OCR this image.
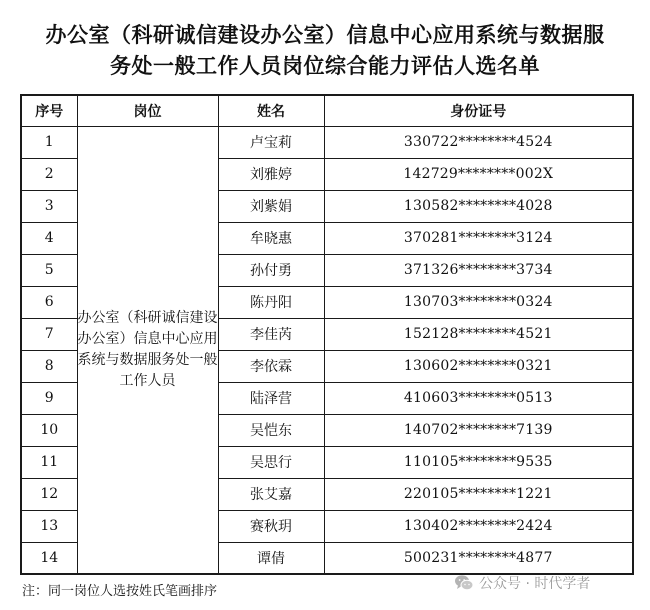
办公室（科研诚信建设办公室）信息中心应用系统与数据服
务处一般工作人员岗位综合能力评估人选名单
序号	岗位	姓名	身份证号
1	办公室（科研诚信建设办公室）信息中心应用系统与数据服务处一般工作人员	卢宝莉	330722********4524
2		刘雅婷	142729********002X
3		刘紫娟	130582********4028
4		牟晓惠	370281********3124
5		孙付勇	371326********3734
6		陈丹阳	130703********0324
7		李佳芮	152128********4521
8		李依霖	130602********0321
9		陆泽营	410603********0513
10		吴恺东	140702********7139
11		吴思行	110105********9535
12		张艾嘉	220105********1221
13		赛秋玥	130402********2424
14		谭倩	500231********4877
注：同一岗位人选按姓氏笔画排序	公众号 · 时代学者
